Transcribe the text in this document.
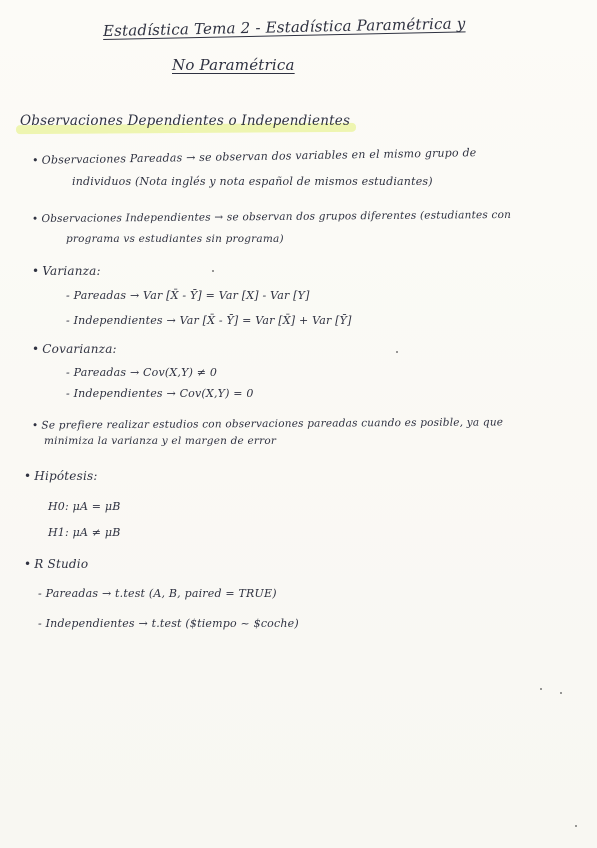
Estadística Tema 2 - Estadística Paramétrica y
No Paramétrica
Observaciones Dependientes o Independientes
• Observaciones Pareadas → se observan dos variables en el mismo grupo de
individuos (Nota inglés y nota español de mismos estudiantes)
• Observaciones Independientes → se observan dos grupos diferentes (estudiantes con
programa vs estudiantes sin programa)
• Varianza:
- Pareadas → Var [X̄ - Ȳ] = Var [X] - Var [Y]
- Independientes → Var [X̄ - Ȳ] = Var [X̄] + Var [Ȳ]
• Covarianza:
- Pareadas → Cov(X,Y) ≠ 0
- Independientes → Cov(X,Y) = 0
• Se prefiere realizar estudios con observaciones pareadas cuando es posible, ya que
minimiza la varianza y el margen de error
• Hipótesis:
H0: μA = μB
H1: μA ≠ μB
• R Studio
- Pareadas → t.test (A, B, paired = TRUE)
- Independientes → t.test ($tiempo ~ $coche)
